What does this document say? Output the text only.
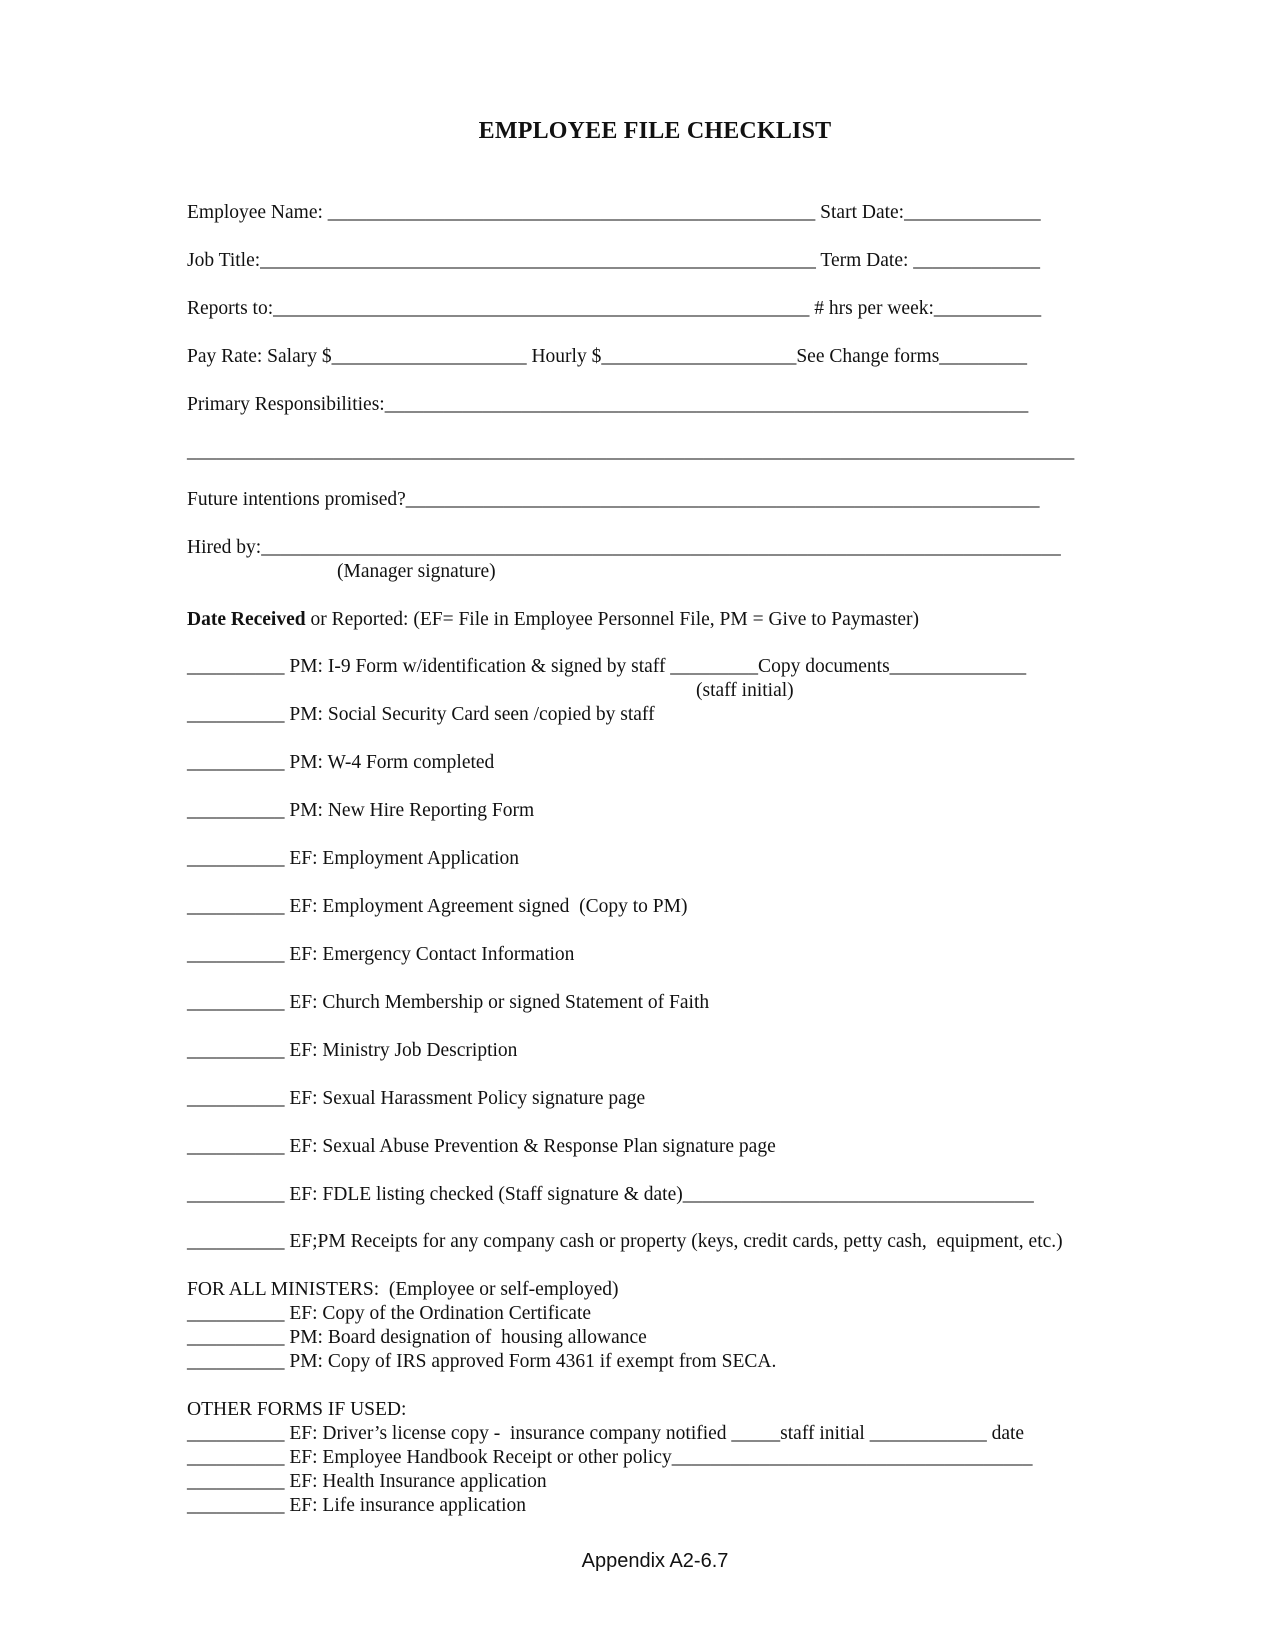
EMPLOYEE FILE CHECKLIST
Employee Name: __________________________________________________ Start Date:______________
Job Title:_________________________________________________________ Term Date: _____________
Reports to:_______________________________________________________ # hrs per week:___________
Pay Rate: Salary $____________________ Hourly $____________________See Change forms_________
Primary Responsibilities:__________________________________________________________________
___________________________________________________________________________________________
Future intentions promised?_________________________________________________________________
Hired by:__________________________________________________________________________________
(Manager signature)
Date Received or Reported: (EF= File in Employee Personnel File, PM = Give to Paymaster)
__________ PM: I-9 Form w/identification & signed by staff _________Copy documents______________
(staff initial)
__________ PM: Social Security Card seen /copied by staff
__________ PM: W-4 Form completed
__________ PM: New Hire Reporting Form
__________ EF: Employment Application
__________ EF: Employment Agreement signed  (Copy to PM)
__________ EF: Emergency Contact Information
__________ EF: Church Membership or signed Statement of Faith
__________ EF: Ministry Job Description
__________ EF: Sexual Harassment Policy signature page
__________ EF: Sexual Abuse Prevention & Response Plan signature page
__________ EF: FDLE listing checked (Staff signature & date)____________________________________
__________ EF;PM Receipts for any company cash or property (keys, credit cards, petty cash,  equipment, etc.)
FOR ALL MINISTERS:  (Employee or self-employed)
__________ EF: Copy of the Ordination Certificate
__________ PM: Board designation of  housing allowance
__________ PM: Copy of IRS approved Form 4361 if exempt from SECA.
OTHER FORMS IF USED:
__________ EF: Driver’s license copy -  insurance company notified _____staff initial ____________ date
__________ EF: Employee Handbook Receipt or other policy_____________________________________
__________ EF: Health Insurance application
__________ EF: Life insurance application
Appendix A2-6.7
